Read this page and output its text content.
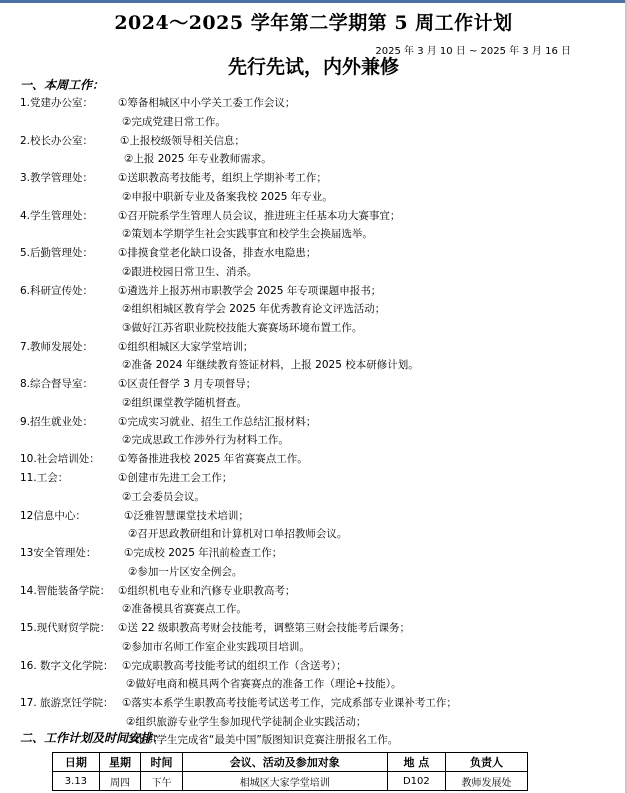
2024～2025 学年第二学期第 5 周工作计划
2025 年 3 月 10 日 ~ 2025 年 3 月 16 日
先行先试，内外兼修
一、本周工作：
1.党建办公室： ①筹备相城区中小学关工委工作会议；
②完成党建日常工作。
2.校长办公室：	①上报校级领导相关信息；
②上报 2025 年专业教师需求。
3.教学管理处： ①送职教高考技能考，组织上学期补考工作；
②申报中职新专业及备案我校 2025 年专业。
4.学生管理处： ①召开院系学生管理人员会议，推进班主任基本功大赛事宜；
②策划本学期学生社会实践事宜和校学生会换届选举。
5.后勤管理处： ①排摸食堂老化缺口设备，排查水电隐患；
②跟进校园日常卫生、消杀。
6.科研宣传处： ①遴选并上报苏州市职教学会 2025 年专项课题申报书；
②组织相城区教育学会 2025 年优秀教育论文评选活动；
③做好江苏省职业院校技能大赛赛场环境布置工作。
7.教师发展处： ①组织相城区大家学堂培训；
②准备 2024 年继续教育签证材料，上报 2025 校本研修计划。
8.综合督导室： ①区责任督学 3 月专项督导；
②组织课堂教学随机督查。
9.招生就业处： ①完成实习就业、招生工作总结汇报材料；
②完成思政工作涉外行为材料工作。
10.社会培训处： ①筹备推进我校 2025 年省赛赛点工作。
11.工会：	①创建市先进工会工作；
②工会委员会议。
12信息中心：	①泛雅智慧课堂技术培训；
②召开思政教研组和计算机对口单招教师会议。
13安全管理处：	①完成校 2025 年汛前检查工作；
②参加一片区安全例会。
14.智能装备学院： ①组织机电专业和汽修专业职教高考；
②准备模具省赛赛点工作。
15.现代财贸学院： ①送 22 级职教高考财会技能考，调整第三财会技能考后课务；
②参加市名师工作室企业实践项目培训。
16. 数字文化学院： ①完成职教高考技能考试的组织工作（含送考）；
②做好电商和模具两个省赛赛点的准备工作（理论+技能）。
17. 旅游烹饪学院： ①落实本系学生职教高考技能考试送考工作，完成系部专业课补考工作；
②组织旅游专业学生参加现代学徒制企业实践活动；
③组织学生完成省“最美中国”版图知识竞赛注册报名工作。
二、工作计划及时间安排：
日期	星期	时间	会议、活动及参加对象	地 点	负责人
3.13	周四	下午	相城区大家学堂培训	D102	教师发展处
